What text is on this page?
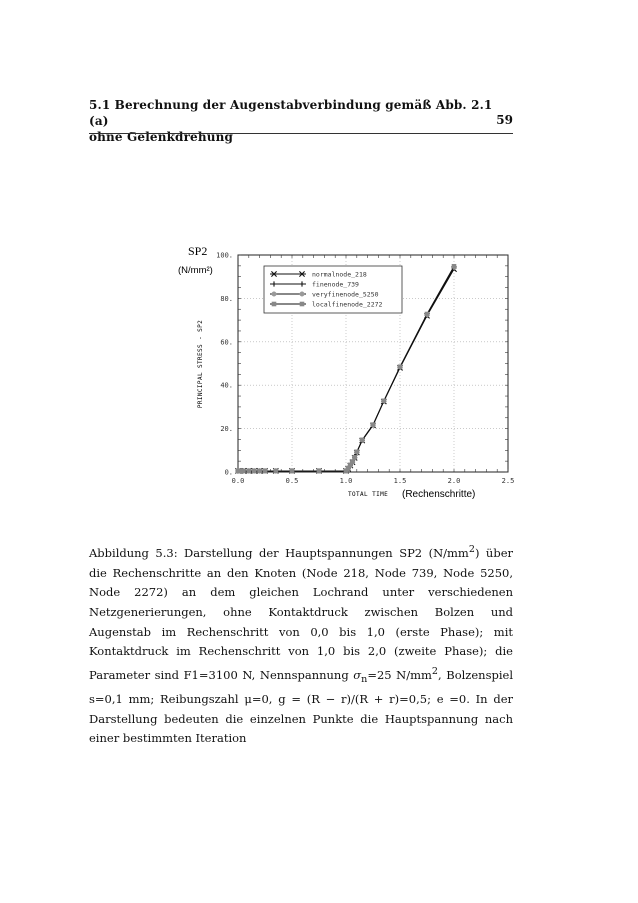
5.1 Berechnung der Augenstabverbindung gemäß Abb. 2.1 (a)
ohne Gelenkdrehung
59
0.0	0.5	1.0	1.5	2.0	2.5
0.
20.
40.
60.
80.
100.
normalnode_218
finenode_739
veryfinenode_5250
localfinenode_2272
SP2
(N/mm²)
PRINCIPAL STRESS - SP2
TOTAL TIME (Rechenschritte)

Abbildung 5.3: Darstellung der Hauptspannungen SP2 $(N/mm^2)$ über die Rechenschritte an den Knoten (Node 218, Node 739, Node 5250, Node 2272) an dem gleichen Lochrand unter verschiedenen Netzgenerierungen, ohne Kontaktdruck zwischen Bolzen und Augenstab im Rechenschritt von 0,0 bis 1,0 (erste Phase); mit Kontaktdruck im Rechenschritt von 1,0 bis 2,0 (zweite Phase); die Parameter sind F1=3100 N, Nennspannung $\sigma_n=25$ $N/mm^2$, Bolzenspiel s=0,1 mm; Reibungszahl μ=0, g = (R − r)/(R + r)=0,5; e =0. In der Darstellung bedeuten die einzelnen Punkte die Hauptspannung nach einer bestimmten Iteration
